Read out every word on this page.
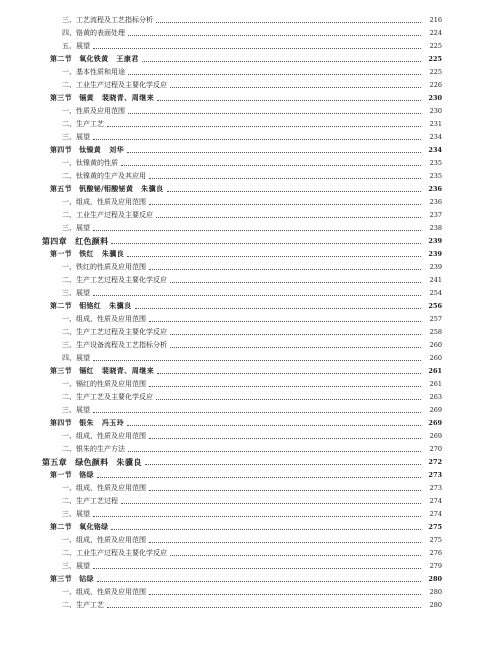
三、工艺流程及工艺指标分析	216
四、铬黄的表面处理	224
五、展望	225
第二节　氧化铁黄 王康君	225
一、基本性质和用途	225
二、工业生产过程及主要化学反应	226
第三节　镉黄 裴晓青、周继来	230
一、性质及应用范围	230
二、生产工艺	231
三、展望	234
第四节　钛镍黄 刘华	234
一、钛镍黄的性质	235
二、钛镍黄的生产及其应用	235
第五节　钒酸铋/钼酸铋黄 朱骥良	236
一、组成、性质及应用范围	236
二、工业生产过程及主要反应	237
三、展望	238
第四章　红色颜料	239
第一节　铁红 朱骥良	239
一、铁红的性质及应用范围	239
二、生产工艺过程及主要化学反应	241
三、展望	254
第二节　钼铬红 朱骥良	256
一、组成、性质及应用范围	257
二、生产工艺过程及主要化学反应	258
三、生产设备流程及工艺指标分析	260
四、展望	260
第三节　镉红 裴晓青、周继来	261
一、镉红的性质及应用范围	261
二、生产工艺及主要化学反应	263
三、展望	269
第四节　银朱 冯玉玲	269
一、组成、性质及应用范围	269
二、银朱的生产方法	270
第五章　绿色颜料 朱骥良	272
第一节　铬绿	273
一、组成、性质及应用范围	273
二、生产工艺过程	274
三、展望	274
第二节　氧化铬绿	275
一、组成、性质及应用范围	275
二、工业生产过程及主要化学反应	276
三、展望	279
第三节　钴绿	280
一、组成、性质及应用范围	280
二、生产工艺	280
